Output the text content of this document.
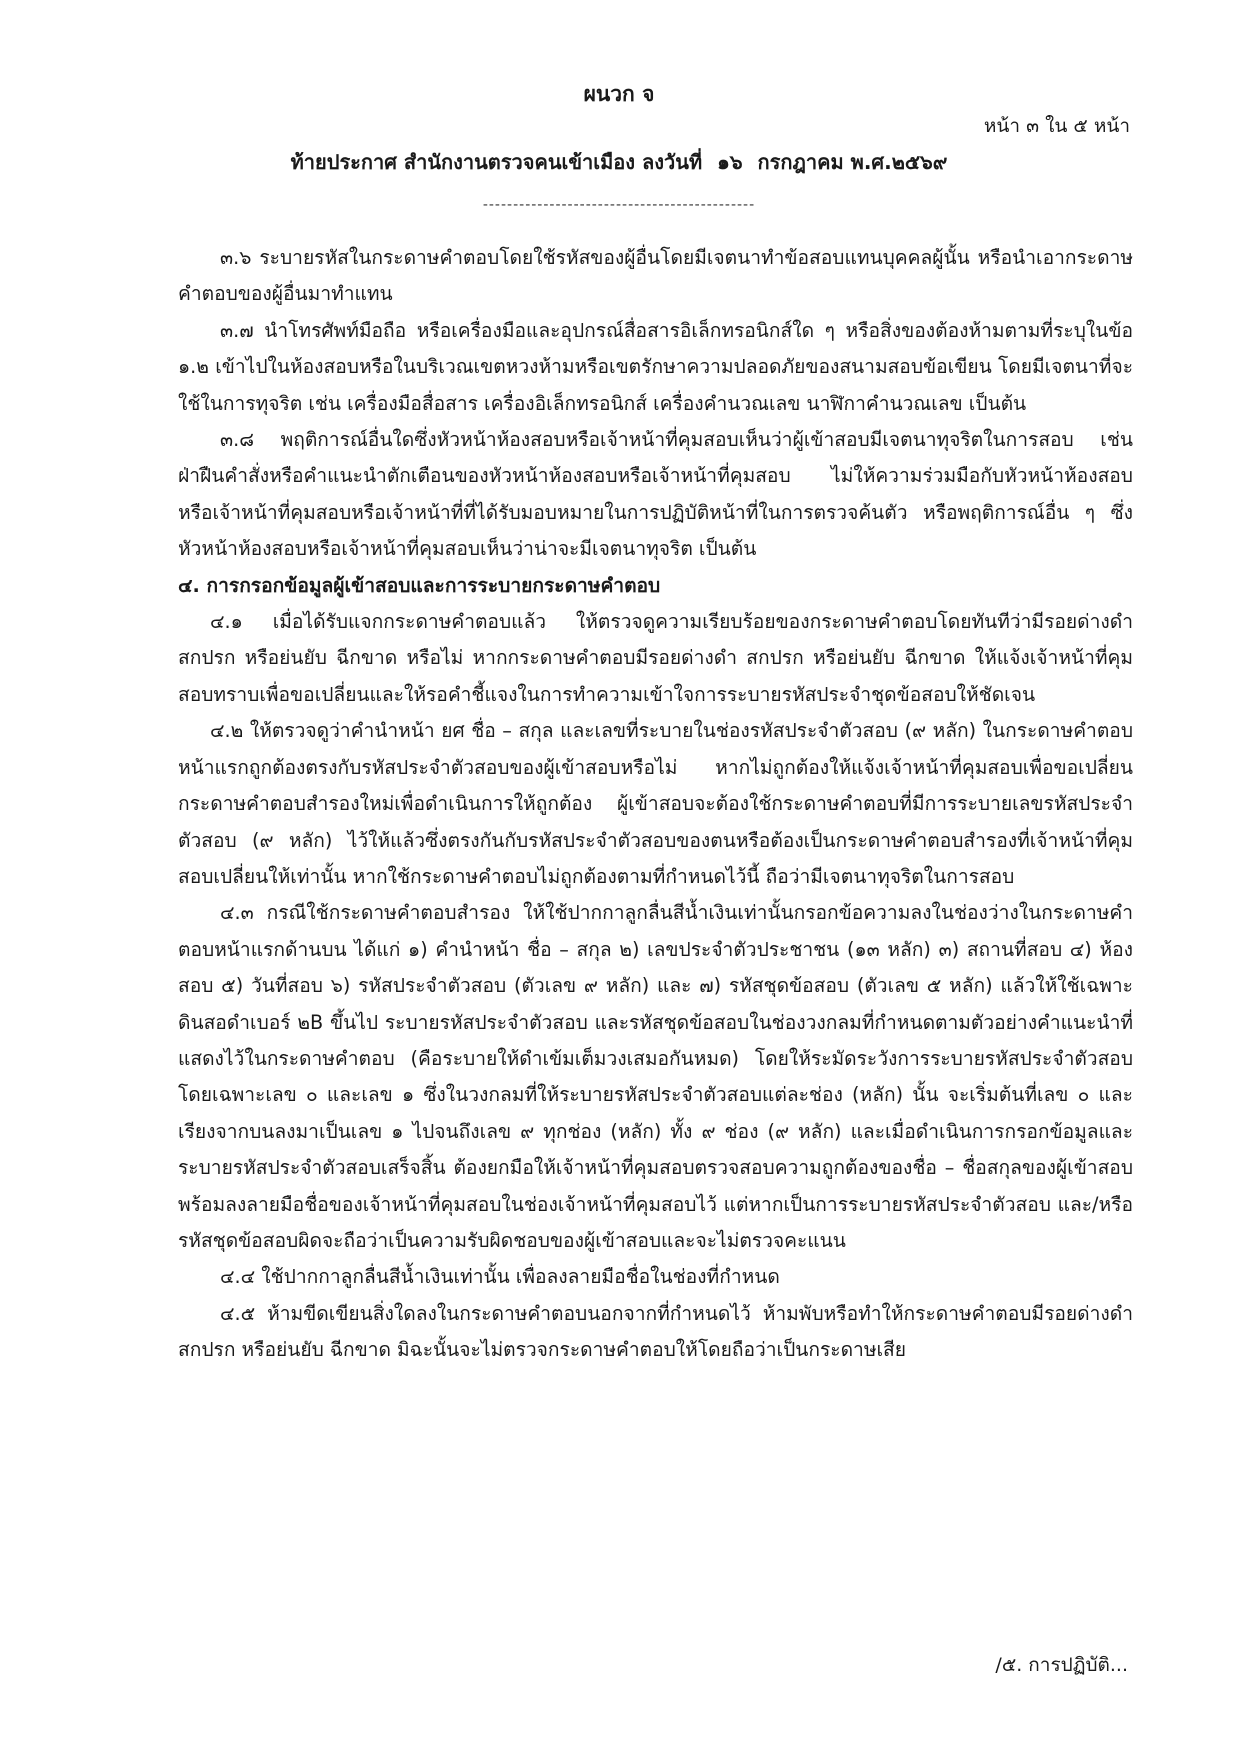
ผนวก จ
หน้า ๓ ใน ๕ หน้า
ท้ายประกาศ สำนักงานตรวจคนเข้าเมือง ลงวันที่ ๑๖ กรกฎาคม พ.ศ.๒๕๖๙
---------------------------------------------

๓.๖ ระบายรหัสในกระดาษคำตอบโดยใช้รหัสของผู้อื่นโดยมีเจตนาทำข้อสอบแทนบุคคลผู้นั้น หรือนำเอากระดาษคำตอบของผู้อื่นมาทำแทน

๓.๗ นำโทรศัพท์มือถือ หรือเครื่องมือและอุปกรณ์สื่อสารอิเล็กทรอนิกส์ใด ๆ หรือสิ่งของต้องห้ามตามที่ระบุในข้อ ๑.๒ เข้าไปในห้องสอบหรือในบริเวณเขตหวงห้ามหรือเขตรักษาความปลอดภัยของสนามสอบข้อเขียน โดยมีเจตนาที่จะใช้ในการทุจริต เช่น เครื่องมือสื่อสาร เครื่องอิเล็กทรอนิกส์ เครื่องคำนวณเลข นาฬิกาคำนวณเลข เป็นต้น

๓.๘ พฤติการณ์อื่นใดซึ่งหัวหน้าห้องสอบหรือเจ้าหน้าที่คุมสอบเห็นว่าผู้เข้าสอบมีเจตนาทุจริตในการสอบ เช่น ฝ่าฝืนคำสั่งหรือคำแนะนำตักเตือนของหัวหน้าห้องสอบหรือเจ้าหน้าที่คุมสอบ ไม่ให้ความร่วมมือกับหัวหน้าห้องสอบหรือเจ้าหน้าที่คุมสอบหรือเจ้าหน้าที่ที่ได้รับมอบหมายในการปฏิบัติหน้าที่ในการตรวจค้นตัว หรือพฤติการณ์อื่น ๆ ซึ่งหัวหน้าห้องสอบหรือเจ้าหน้าที่คุมสอบเห็นว่าน่าจะมีเจตนาทุจริต เป็นต้น

๔. การกรอกข้อมูลผู้เข้าสอบและการระบายกระดาษคำตอบ

๔.๑ เมื่อได้รับแจกกระดาษคำตอบแล้ว ให้ตรวจดูความเรียบร้อยของกระดาษคำตอบโดยทันทีว่ามีรอยด่างดำ สกปรก หรือย่นยับ ฉีกขาด หรือไม่ หากกระดาษคำตอบมีรอยด่างดำ สกปรก หรือย่นยับ ฉีกขาด ให้แจ้งเจ้าหน้าที่คุมสอบทราบเพื่อขอเปลี่ยนและให้รอคำชี้แจงในการทำความเข้าใจการระบายรหัสประจำชุดข้อสอบให้ชัดเจน

๔.๒ ให้ตรวจดูว่าคำนำหน้า ยศ ชื่อ – สกุล และเลขที่ระบายในช่องรหัสประจำตัวสอบ (๙ หลัก) ในกระดาษคำตอบหน้าแรกถูกต้องตรงกับรหัสประจำตัวสอบของผู้เข้าสอบหรือไม่ หากไม่ถูกต้องให้แจ้งเจ้าหน้าที่คุมสอบเพื่อขอเปลี่ยนกระดาษคำตอบสำรองใหม่เพื่อดำเนินการให้ถูกต้อง ผู้เข้าสอบจะต้องใช้กระดาษคำตอบที่มีการระบายเลขรหัสประจำตัวสอบ (๙ หลัก) ไว้ให้แล้วซึ่งตรงกันกับรหัสประจำตัวสอบของตนหรือต้องเป็นกระดาษคำตอบสำรองที่เจ้าหน้าที่คุมสอบเปลี่ยนให้เท่านั้น หากใช้กระดาษคำตอบไม่ถูกต้องตามที่กำหนดไว้นี้ ถือว่ามีเจตนาทุจริตในการสอบ

๔.๓ กรณีใช้กระดาษคำตอบสำรอง ให้ใช้ปากกาลูกลื่นสีน้ำเงินเท่านั้นกรอกข้อความลงในช่องว่างในกระดาษคำตอบหน้าแรกด้านบน ได้แก่ ๑) คำนำหน้า ชื่อ – สกุล ๒) เลขประจำตัวประชาชน (๑๓ หลัก) ๓) สถานที่สอบ ๔) ห้องสอบ ๕) วันที่สอบ ๖) รหัสประจำตัวสอบ (ตัวเลข ๙ หลัก) และ ๗) รหัสชุดข้อสอบ (ตัวเลข ๕ หลัก) แล้วให้ใช้เฉพาะดินสอดำเบอร์ ๒B ขึ้นไป ระบายรหัสประจำตัวสอบ และรหัสชุดข้อสอบในช่องวงกลมที่กำหนดตามตัวอย่างคำแนะนำที่แสดงไว้ในกระดาษคำตอบ (คือระบายให้ดำเข้มเต็มวงเสมอกันหมด) โดยให้ระมัดระวังการระบายรหัสประจำตัวสอบ โดยเฉพาะเลข ๐ และเลข ๑ ซึ่งในวงกลมที่ให้ระบายรหัสประจำตัวสอบแต่ละช่อง (หลัก) นั้น จะเริ่มต้นที่เลข ๐ และเรียงจากบนลงมาเป็นเลข ๑ ไปจนถึงเลข ๙ ทุกช่อง (หลัก) ทั้ง ๙ ช่อง (๙ หลัก) และเมื่อดำเนินการกรอกข้อมูลและระบายรหัสประจำตัวสอบเสร็จสิ้น ต้องยกมือให้เจ้าหน้าที่คุมสอบตรวจสอบความถูกต้องของชื่อ – ชื่อสกุลของผู้เข้าสอบพร้อมลงลายมือชื่อของเจ้าหน้าที่คุมสอบในช่องเจ้าหน้าที่คุมสอบไว้ แต่หากเป็นการระบายรหัสประจำตัวสอบ และ/หรือรหัสชุดข้อสอบผิดจะถือว่าเป็นความรับผิดชอบของผู้เข้าสอบและจะไม่ตรวจคะแนน

๔.๔ ใช้ปากกาลูกลื่นสีน้ำเงินเท่านั้น เพื่อลงลายมือชื่อในช่องที่กำหนด

๔.๕ ห้ามขีดเขียนสิ่งใดลงในกระดาษคำตอบนอกจากที่กำหนดไว้ ห้ามพับหรือทำให้กระดาษคำตอบมีรอยด่างดำ สกปรก หรือย่นยับ ฉีกขาด มิฉะนั้นจะไม่ตรวจกระดาษคำตอบให้โดยถือว่าเป็นกระดาษเสีย

/๕. การปฏิบัติ...
